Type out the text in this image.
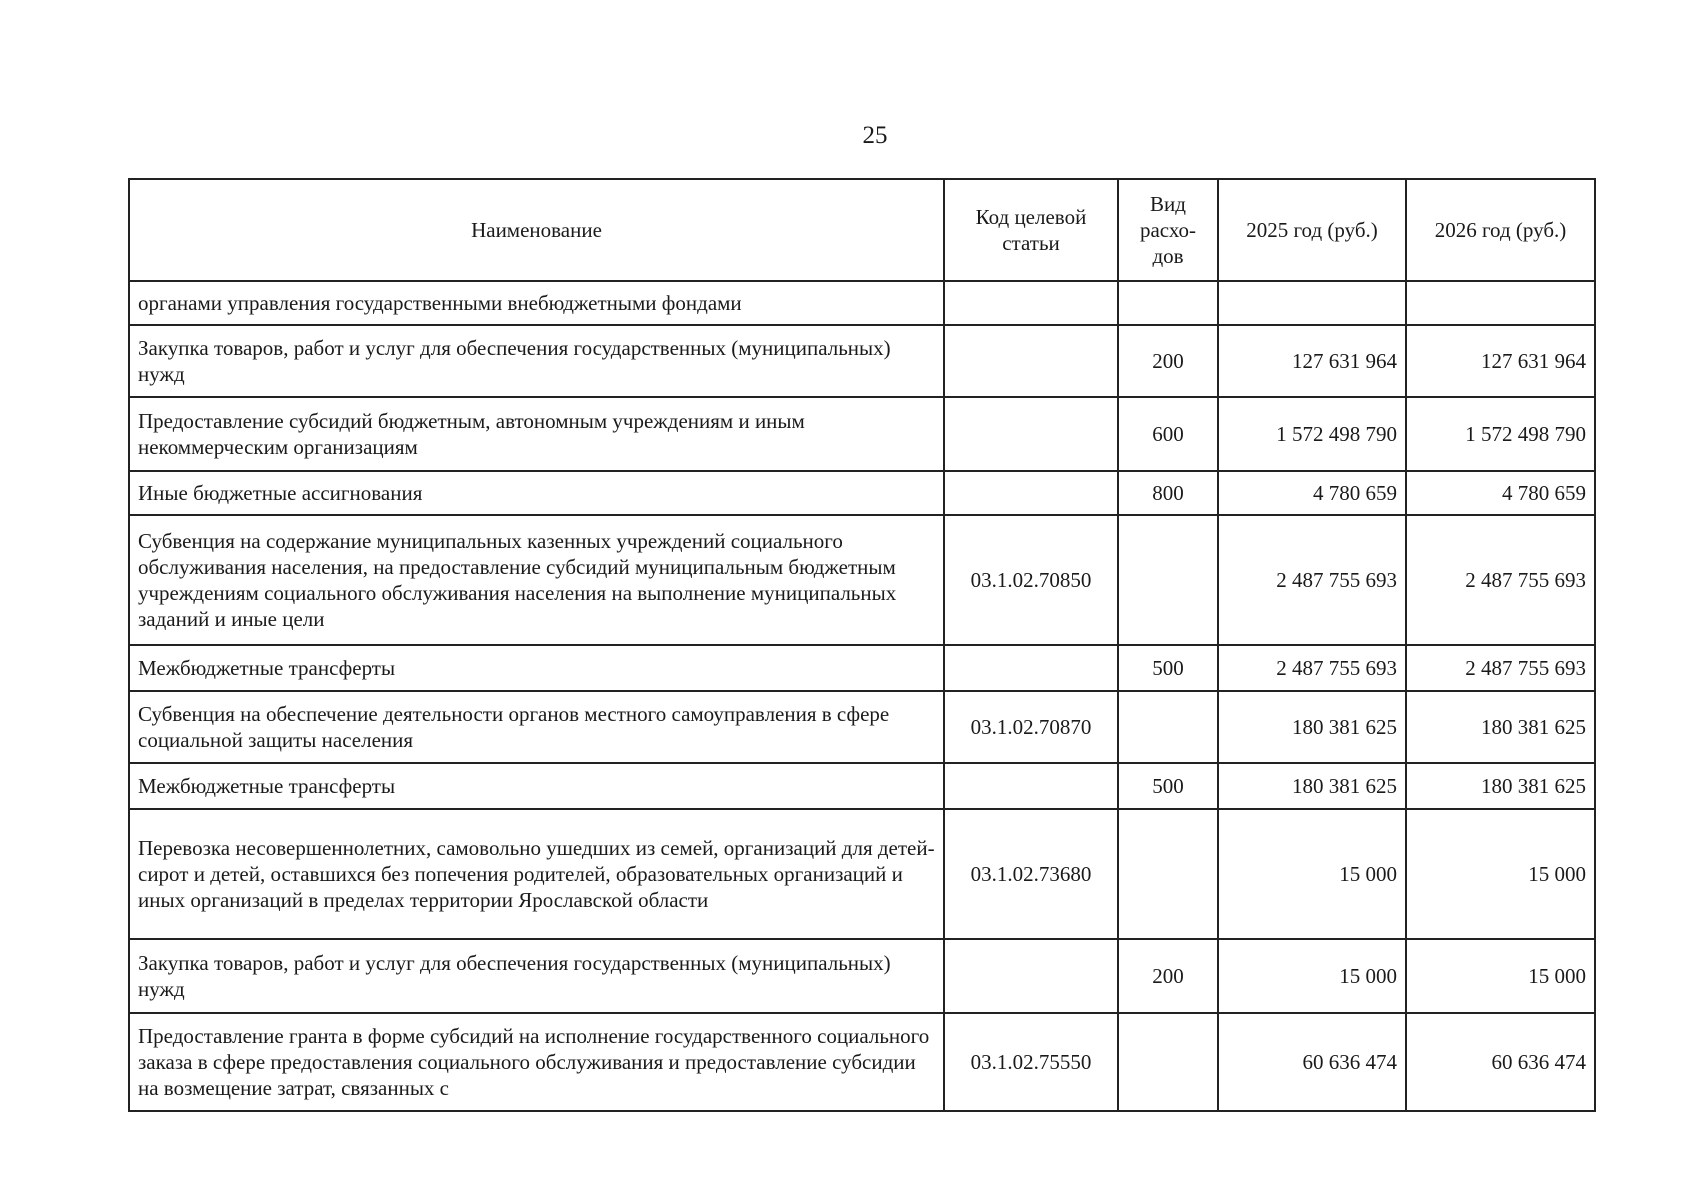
25
Наименование	Код целевой статьи	Вид расхо-дов	2025 год (руб.)	2026 год (руб.)
органами управления государственными внебюджетными фондами				
Закупка товаров, работ и услуг для обеспечения государственных (муниципальных) нужд		200	127 631 964	127 631 964
Предоставление субсидий бюджетным, автономным учреждениям и иным некоммерческим организациям		600	1 572 498 790	1 572 498 790
Иные бюджетные ассигнования		800	4 780 659	4 780 659
Субвенция на содержание муниципальных казенных учреждений социального обслуживания населения, на предоставление субсидий муниципальным бюджетным учреждениям социального обслуживания населения на выполнение муниципальных заданий и иные цели	03.1.02.70850		2 487 755 693	2 487 755 693
Межбюджетные трансферты		500	2 487 755 693	2 487 755 693
Субвенция на обеспечение деятельности органов местного самоуправления в сфере социальной защиты населения	03.1.02.70870		180 381 625	180 381 625
Межбюджетные трансферты		500	180 381 625	180 381 625
Перевозка несовершеннолетних, самовольно ушедших из семей, организаций для детей-сирот и детей, оставшихся без попечения родителей, образовательных организаций и иных организаций в пределах территории Ярославской области	03.1.02.73680		15 000	15 000
Закупка товаров, работ и услуг для обеспечения государственных (муниципальных) нужд		200	15 000	15 000
Предоставление гранта в форме субсидий на исполнение государственного социального заказа в сфере предоставления социального обслуживания и предоставление субсидии на возмещение затрат, связанных с	03.1.02.75550		60 636 474	60 636 474
